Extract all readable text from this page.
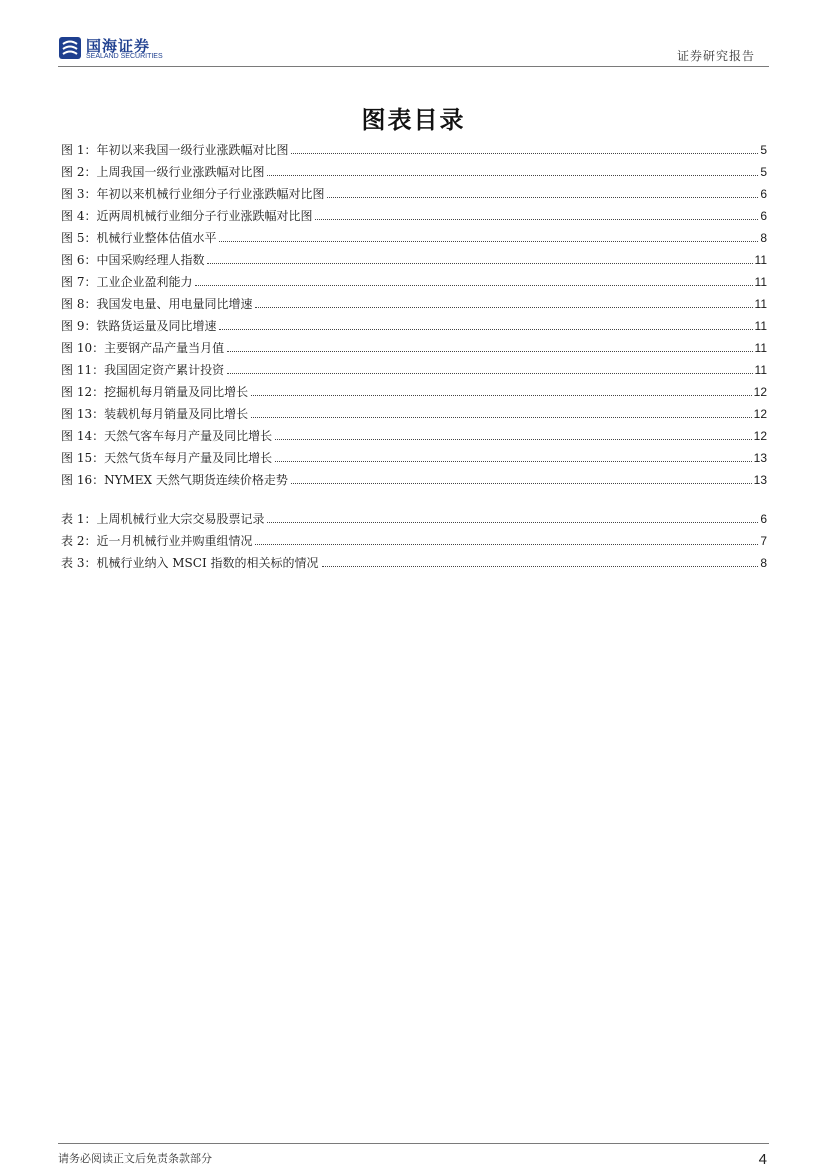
国海证券
SEALAND SECURITIES	证券研究报告
图表目录
图 1：年初以来我国一级行业涨跌幅对比图	5
图 2：上周我国一级行业涨跌幅对比图	5
图 3：年初以来机械行业细分子行业涨跌幅对比图	6
图 4：近两周机械行业细分子行业涨跌幅对比图	6
图 5：机械行业整体估值水平	8
图 6：中国采购经理人指数	11
图 7：工业企业盈利能力	11
图 8：我国发电量、用电量同比增速	11
图 9：铁路货运量及同比增速	11
图 10：主要钢产品产量当月值	11
图 11：我国固定资产累计投资	11
图 12：挖掘机每月销量及同比增长	12
图 13：装载机每月销量及同比增长	12
图 14：天然气客车每月产量及同比增长	12
图 15：天然气货车每月产量及同比增长	13
图 16：NYMEX 天然气期货连续价格走势	13
表 1：上周机械行业大宗交易股票记录	6
表 2：近一月机械行业并购重组情况	7
表 3：机械行业纳入 MSCI 指数的相关标的情况	8
请务必阅读正文后免责条款部分	4
